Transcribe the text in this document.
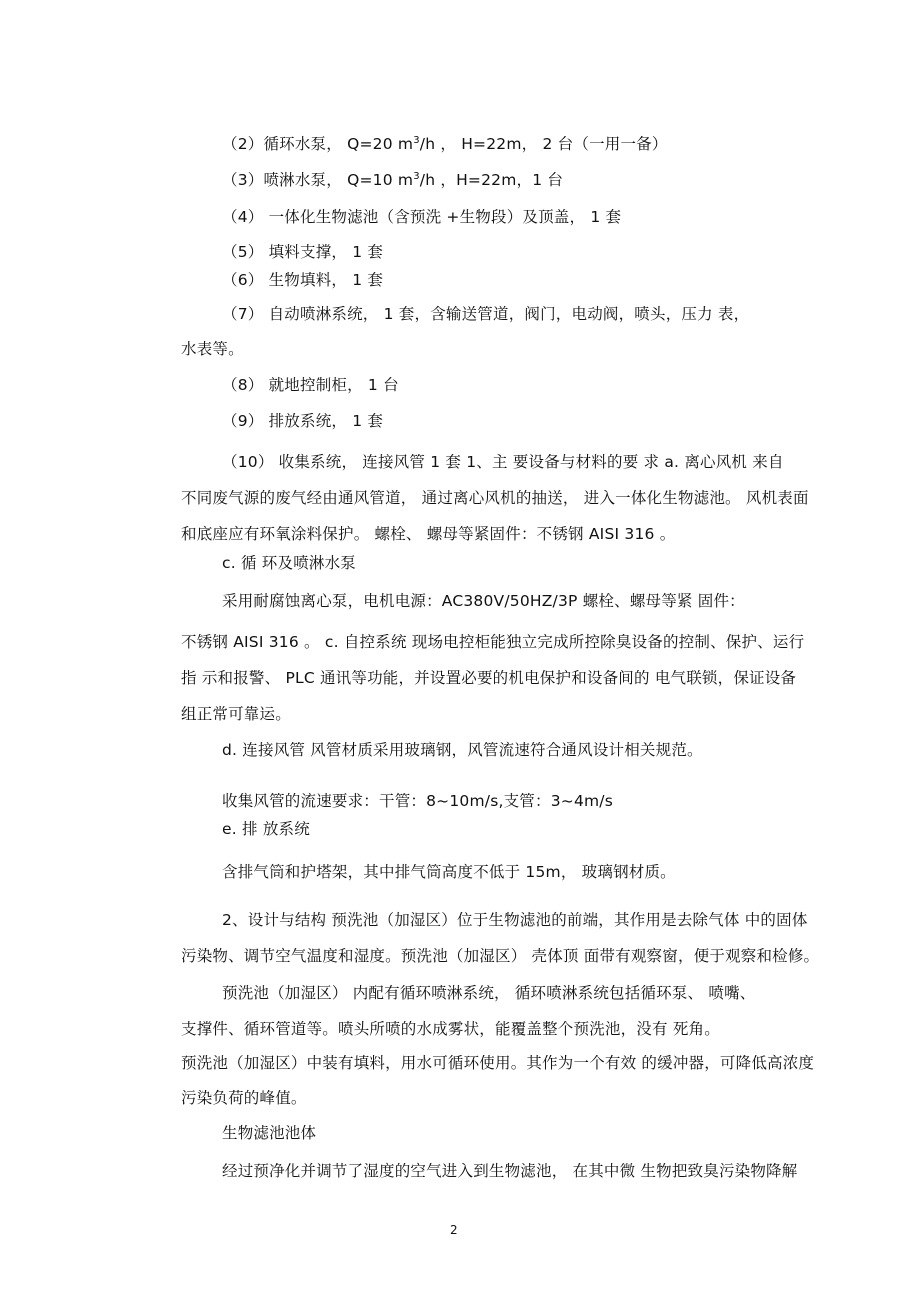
（2）循环水泵， Q=20 $m^3/h$ ， H=22m， 2 台（一用一备）
（3）喷淋水泵， Q=10 $m^3/h$ ，H=22m，1 台
（4） 一体化生物滤池（含预洗 +生物段）及顶盖， 1 套
（5） 填料支撑， 1 套
（6） 生物填料， 1 套
（7） 自动喷淋系统， 1 套，含输送管道，阀门，电动阀，喷头，压力 表，
水表等。
（8） 就地控制柜， 1 台
（9） 排放系统， 1 套
（10） 收集系统， 连接风管 1 套 1、主 要设备与材料的要 求 a. 离心风机 来自
不同废气源的废气经由通风管道， 通过离心风机的抽送， 进入一体化生物滤池。 风机表面
和底座应有环氧涂料保护。 螺栓、 螺母等紧固件：不锈钢 AISI 316 。
c. 循 环及喷淋水泵
采用耐腐蚀离心泵，电机电源：AC380V/50HZ/3P 螺栓、螺母等紧 固件：
不锈钢 AISI 316 。 c. 自控系统 现场电控柜能独立完成所控除臭设备的控制、保护、运行
指 示和报警、 PLC 通讯等功能，并设置必要的机电保护和设备间的 电气联锁，保证设备
组正常可靠运。
d. 连接风管 风管材质采用玻璃钢，风管流速符合通风设计相关规范。
收集风管的流速要求：干管：8~10m/s,支管：3~4m/s
e. 排 放系统
含排气筒和护塔架，其中排气筒高度不低于 15m， 玻璃钢材质。
2、设计与结构 预洗池（加湿区）位于生物滤池的前端，其作用是去除气体 中的固体
污染物、调节空气温度和湿度。预洗池（加湿区） 壳体顶 面带有观察窗，便于观察和检修。
预洗池（加湿区） 内配有循环喷淋系统， 循环喷淋系统包括循环泵、 喷嘴、
支撑件、循环管道等。喷头所喷的水成雾状，能覆盖整个预洗池，没有 死角。
预洗池（加湿区）中装有填料，用水可循环使用。其作为一个有效 的缓冲器，可降低高浓度
污染负荷的峰值。
生物滤池池体
经过预净化并调节了湿度的空气进入到生物滤池， 在其中微 生物把致臭污染物降解
2
